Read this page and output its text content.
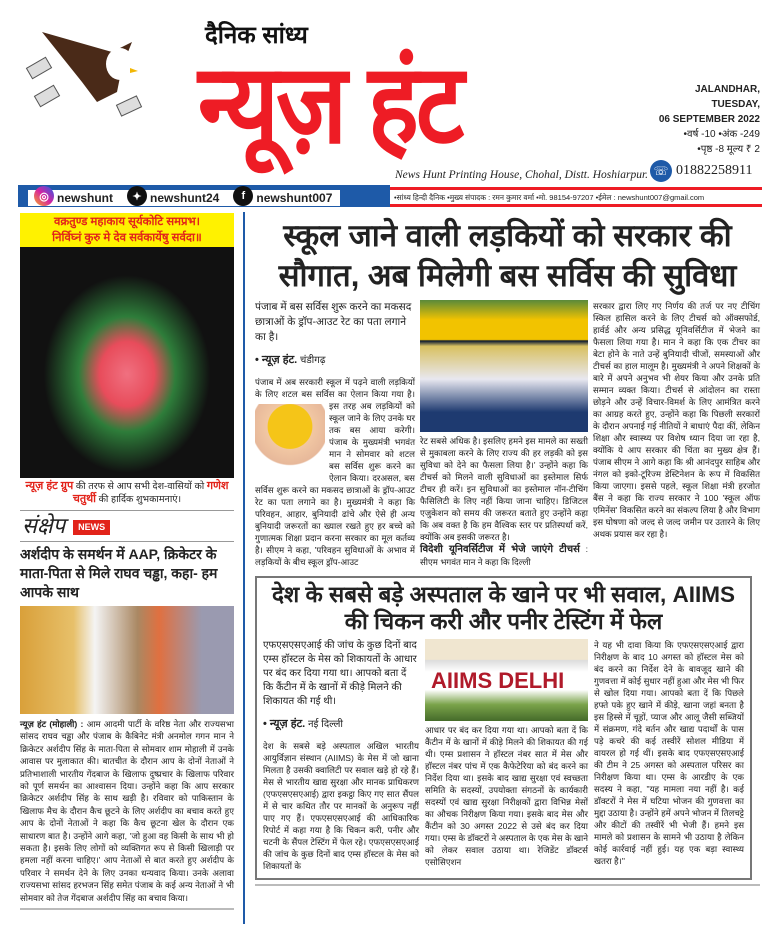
दैनिक सांध्य
न्यूज़ हंट	JALANDHAR, TUESDAY,
06 SEPTEMBER 2022
•वर्ष -10 •अंक -249
•पृष्ठ -8 मूल्य ₹ 2
News Hunt Printing House, Chohal, Distt. Hoshiarpur. ☏ 01882258911
◎ newshunt	✦ newshunt24	f newshunt007	•सांध्य हिन्दी दैनिक •मुख्य संपादक : रमन कुमार वर्मा •मो. 98154-97207 •ईमेल : newshunt007@gmail.com
वक्रतुण्ड महाकाय सूर्यकोटि समप्रभ।
निर्विघ्नं कुरु मे देव सर्वकार्येषु सर्वदा॥
न्यूज़ हंट ग्रुप की तरफ से आप सभी देश-वासियों को गणेश चतुर्थी की हार्दिक शुभकामनाएं।
संक्षेप	NEWS
अर्शदीप के समर्थन में AAP, क्रिकेटर के माता-पिता से मिले राघव चड्ढा, कहा- हम आपके साथ
न्यूज़ हंट (मोहाली) : आम आदमी पार्टी के वरिष्ठ नेता और राज्यसभा सांसद राघव चड्ढा और पंजाब के कैबिनेट मंत्री अनमोल गगन मान ने क्रिकेटर अर्शदीप सिंह के माता-पिता से सोमवार शाम मोहाली में उनके आवास पर मुलाकात की। बातचीत के दौरान आप के दोनों नेताओं ने प्रतिभाशाली भारतीय गेंदबाज के खिलाफ दुष्प्रचार के खिलाफ परिवार को पूर्ण समर्थन का आश्वासन दिया। उन्होंने कहा कि आप सरकार क्रिकेटर अर्शदीप सिंह के साथ खड़ी है। रविवार को पाकिस्तान के खिलाफ मैच के दौरान कैच छूटने के लिए अर्शदीप का बचाव करते हुए आप के दोनों नेताओं ने कहा कि कैच छूटना खेल के दौरान एक साधारण बात है। उन्होंने आगे कहा, 'जो हुआ वह किसी के साथ भी हो सकता है। इसके लिए लोगों को व्यक्तिगत रूप से किसी खिलाड़ी पर हमला नहीं करना चाहिए।' आप नेताओं से बात करते हुए अर्शदीप के परिवार ने समर्थन देने के लिए उनका धन्यवाद किया। उनके अलावा राज्यसभा सांसद हरभजन सिंह समेत पंजाब के कई अन्य नेताओं ने भी सोमवार को तेज गेंदबाज अर्शदीप सिंह का बचाव किया।
स्कूल जाने वाली लड़कियों को सरकार की सौगात, अब मिलेगी बस सर्विस की सुविधा
पंजाब में बस सर्विस शुरू करने का मकसद छात्राओं के ड्रॉप-आउट रेट का पता लगाने का है।
• न्यूज़ हंट. चंडीगढ़
पंजाब में अब सरकारी स्कूल में पढ़ने वाली लड़कियों के लिए शटल बस सर्विस का ऐलान किया गया है। इस तरह अब लड़कियों को स्कूल जाने के लिए उनके घर तक बस आया करेगी। पंजाब के मुख्यमंत्री भगवंत मान ने सोमवार को शटल बस सर्विस शुरू करने का ऐलान किया। दरअसल, बस सर्विस शुरू करने का मकसद छात्राओं के ड्रॉप-आउट रेट का पता लगाने का है। मुख्यमंत्री ने कहा कि परिवहन, आहार, बुनियादी ढांचे और ऐसे ही अन्य बुनियादी जरूरतों का ख्याल रखते हुए हर बच्चे को गुणात्मक शिक्षा प्रदान करना सरकार का मूल कर्तव्य है। सीएम ने कहा, 'परिवहन सुविधाओं के अभाव में लड़कियों के बीच स्कूल ड्रॉप-आउट
रेट सबसे अधिक है। इसलिए हमने इस मामले का सख्ती से मुकाबला करने के लिए राज्य की हर लड़की को इस सुविधा को देने का फैसला लिया है।' उन्होंने कहा कि टीचर्स को मिलने वाली सुविधाओं का इस्तेमाल सिर्फ टीचर ही करें। इन सुविधाओं का इस्तेमाल नॉन-टीचिंग फैसिलिटी के लिए नहीं किया जाना चाहिए। डिजिटल एजुकेशन को समय की जरूरत बताते हुए उन्होंने कहा कि अब वक्त है कि हम वैश्विक स्तर पर प्रतिस्पर्धा करें, क्योंकि अब इसकी जरूरत है।
विदेशी यूनिवर्सिटीज में भेजे जाएंगे टीचर्स : सीएम भगवंत मान ने कहा कि दिल्ली
सरकार द्वारा लिए गए निर्णय की तर्ज पर नए टीचिंग स्किल हासिल करने के लिए टीचर्स को ऑक्सफोर्ड, हार्वर्ड और अन्य प्रसिद्ध यूनिवर्सिटीज में भेजने का फैसला लिया गया है। मान ने कहा कि एक टीचर का बेटा होने के नाते उन्हें बुनियादी चीजों, समस्याओं और टीचर्स का हाल मालूम है। मुख्यमंत्री ने अपने शिक्षकों के बारे में अपने अनुभव भी शेयर किया और उनके प्रति सम्मान व्यक्त किया। टीचर्स से आंदोलन का रास्ता छोड़ने और उन्हें विचार-विमर्श के लिए आमंत्रित करने का आग्रह करते हुए, उन्होंने कहा कि पिछली सरकारों के दौरान अपनाई गई नीतियों ने बाधाएं पैदा कीं, लेकिन शिक्षा और स्वास्थ्य पर विशेष ध्यान दिया जा रहा है, क्योंकि ये आप सरकार की चिंता का मुख्य क्षेत्र हैं। पंजाब सीएम ने आगे कहा कि श्री आनंदपुर साहिब और नंगल को इको-टूरिज्म डेस्टिनेशन के रूप में विकसित किया जाएगा। इससे पहले, स्कूल शिक्षा मंत्री हरजोत बैंस ने कहा कि राज्य सरकार ने 100 'स्कूल ऑफ एमिनेंस' विकसित करने का संकल्प लिया है और विभाग इस घोषणा को जल्द से जल्द जमीन पर उतारने के लिए अथक प्रयास कर रहा है।
देश के सबसे बड़े अस्पताल के खाने पर भी सवाल, AIIMS की चिकन करी और पनीर टेस्टिंग में फेल
एफएसएसएआई की जांच के कुछ दिनों बाद एम्स हॉस्टल के मेस को शिकायतों के आधार पर बंद कर दिया गया था। आपको बता दें कि कैंटीन में के खानों में कीड़े मिलने की शिकायत की गई थी।
• न्यूज़ हंट. नई दिल्ली
देश के सबसे बड़े अस्पताल अखिल भारतीय आयुर्विज्ञान संस्थान (AIIMS) के मेस में जो खाना मिलता है उसकी क्वालिटी पर सवाल खड़े हो रहे हैं। मेस से भारतीय खाद्य सुरक्षा और मानक प्राधिकरण (एफएसएसएआई) द्वारा इकट्ठा किए गए सात सैंपल में से चार कथित तौर पर मानकों के अनुरूप नहीं पाए गए हैं। एफएसएसएआई की आधिकारिक रिपोर्ट में कहा गया है कि चिकन करी, पनीर और चटनी के सैंपल टेस्टिंग में फेल रहे। एफएसएसएआई की जांच के कुछ दिनों बाद एम्स हॉस्टल के मेस को शिकायतों के
AIIMS DELHI
आधार पर बंद कर दिया गया था। आपको बता दें कि कैंटीन में के खानों में कीड़े मिलने की शिकायत की गई थी। एम्स प्रशासन ने हॉस्टल नंबर सात में मेस और हॉस्टल नंबर पांच में एक कैफेटेरिया को बंद करने का निर्देश दिया था। इसके बाद खाद्य सुरक्षा एवं स्वच्छता समिति के सदस्यों, उपयोक्ता संगठनों के कार्यकारी सदस्यों एवं खाद्य सुरक्षा निरीक्षकों द्वारा विभिन्न मेसों का औचक निरीक्षण किया गया। इसके बाद मेस और कैंटीन को 30 अगस्त 2022 से उसे बंद कर दिया गया। एम्स के डॉक्टरों ने अस्पताल के एक मेस के खाने को लेकर सवाल उठाया था। रेजिडेंट डॉक्टर्स एसोसिएशन
ने यह भी दावा किया कि एफएसएसएआई द्वारा निरीक्षण के बाद 10 अगस्त को हॉस्टल मेस को बंद करने का निर्देश देने के बावजूद खाने की गुणवत्ता में कोई सुधार नहीं हुआ और मेस भी फिर से खोल दिया गया। आपको बता दें कि पिछले हफ्ते पके हुए खाने में कीड़े, खाना जहां बनता है इस हिस्से में चूहों, प्याज और आलू जैसी सब्जियों में संक्रमण, गंदे बर्तन और खाद्य पदार्थों के पास पड़े कचरे की कई तस्वीरें सोशल मीडिया में वायरल हो गई थीं। इसके बाद एफएसएसएआई की टीम ने 25 अगस्त को अस्पताल परिसर का निरीक्षण किया था। एम्स के आरडीए के एक सदस्य ने कहा, "यह मामला नया नहीं है। कई डॉक्टरों ने मेस में घटिया भोजन की गुणवत्ता का मुद्दा उठाया है। उन्होंने हमें अपने भोजन में तिलचट्टे और कीटों की तस्वीरें भी भेजी हैं। हमने इस मामले को प्रशासन के सामने भी उठाया है लेकिन कोई कार्रवाई नहीं हुई। यह एक बड़ा स्वास्थ्य खतरा है।"
